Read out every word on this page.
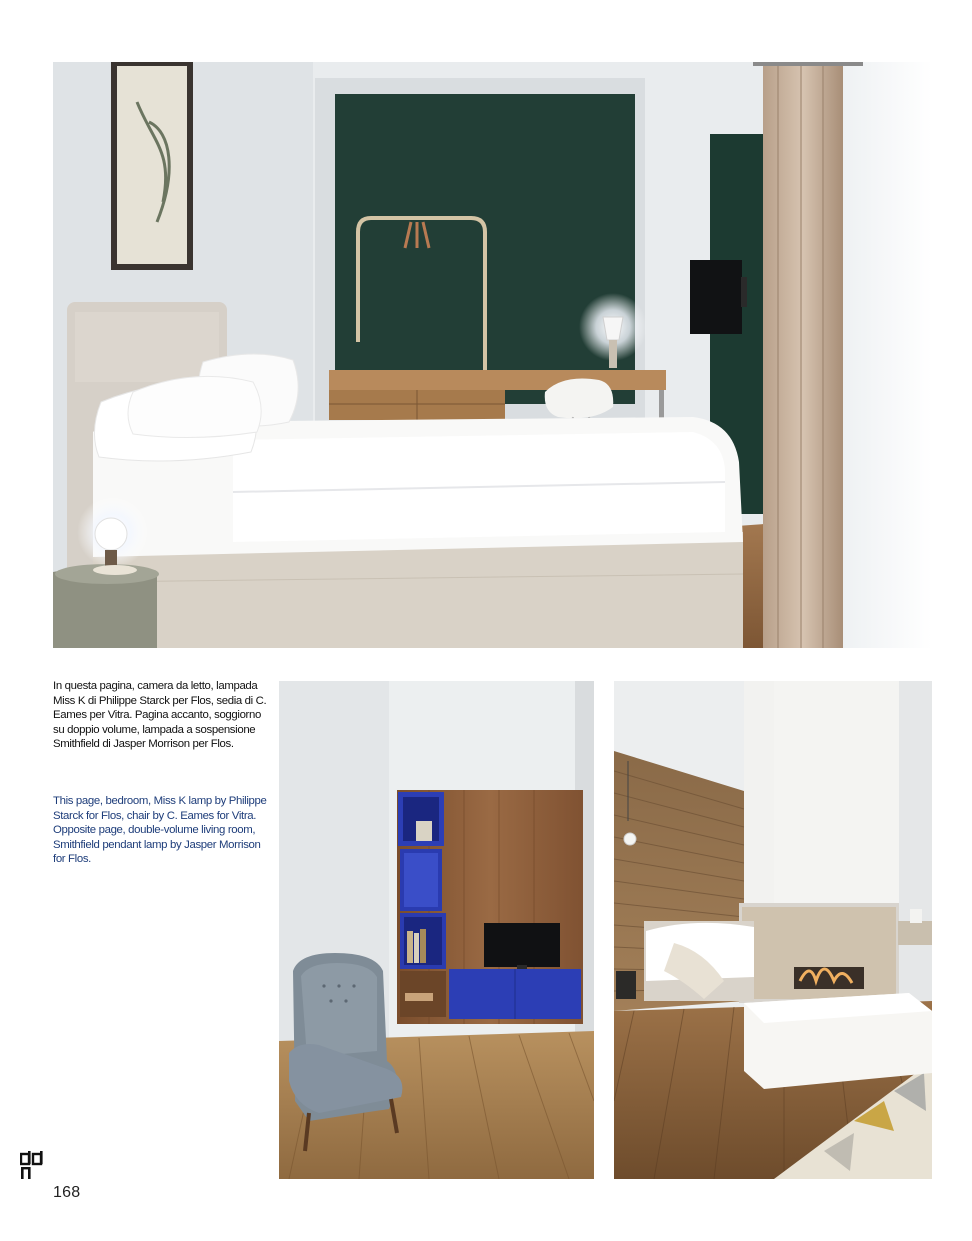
In questa pagina, camera da letto, lampada Miss K di Philippe Starck per Flos, sedia di C. Eames per Vitra. Pagina accanto, soggiorno su doppio volume, lampada a sospensione Smithfield di Jasper Morrison per Flos.

This page, bedroom, Miss K lamp by Philippe Starck for Flos, chair by C. Eames for Vitra. Opposite page, double-volume living room, Smithfield pendant lamp by Jasper Morrison for Flos.

168
